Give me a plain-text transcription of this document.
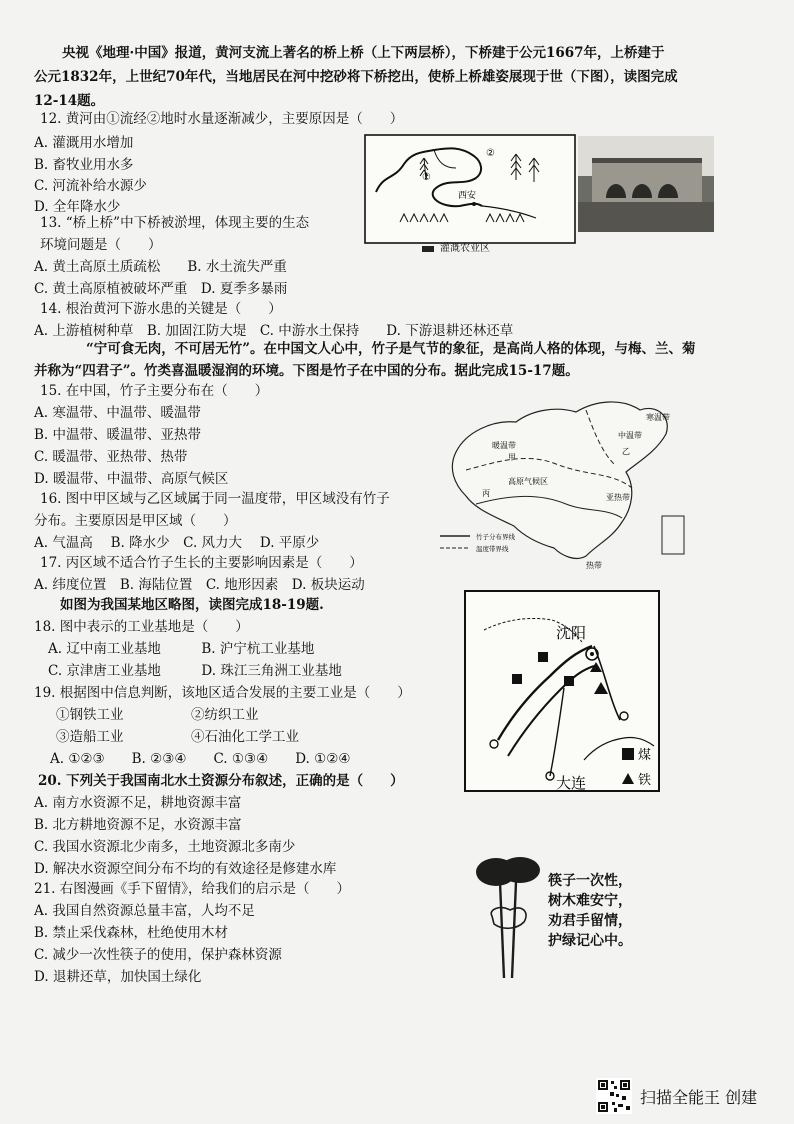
央视《地理·中国》报道，黄河支流上著名的桥上桥（上下两层桥），下桥建于公元1667年，上桥建于
公元1832年，上世纪70年代，当地居民在河中挖砂将下桥挖出，使桥上桥雄姿展现于世（下图），读图完成
12-14题。
12. 黄河由①流经②地时水量逐渐减少，主要原因是（　　）
A. 灌溉用水增加
B. 畜牧业用水多
C. 河流补给水源少
D. 全年降水少
13. “桥上桥”中下桥被淤埋，体现主要的生态
环境问题是（　　）
A. 黄土高原土质疏松　　B. 水土流失严重
C. 黄土高原植被破坏严重　D. 夏季多暴雨
14. 根治黄河下游水患的关键是（　　）
A. 上游植树种草　B. 加固江防大堤　C. 中游水土保持　　D. 下游退耕还林还草
“宁可食无肉，不可居无竹”。在中国文人心中，竹子是气节的象征，是高尚人格的体现，与梅、兰、菊
并称为“四君子”。竹类喜温暖湿润的环境。下图是竹子在中国的分布。据此完成15-17题。
15. 在中国，竹子主要分布在（　　）
A. 寒温带、中温带、暖温带
B. 中温带、暖温带、亚热带
C. 暖温带、亚热带、热带
D. 暖温带、中温带、高原气候区
16. 图中甲区域与乙区域属于同一温度带，甲区域没有竹子
分布。主要原因是甲区域（　　）
A. 气温高　 B. 降水少　C. 风力大　 D. 平原少
17. 丙区域不适合竹子生长的主要影响因素是（　　）
A. 纬度位置　B. 海陆位置　C. 地形因素　D. 板块运动
如图为我国某地区略图，读图完成18-19题.
18. 图中表示的工业基地是（　　）
A. 辽中南工业基地　　　B. 沪宁杭工业基地
C. 京津唐工业基地　　　D. 珠江三角洲工业基地
19. 根据图中信息判断，该地区适合发展的主要工业是（　　）
①钢铁工业　　　　　②纺织工业
③造船工业　　　　　④石油化工学工业
A. ①②③　　B. ②③④　　C. ①③④　　D. ①②④
20. 下列关于我国南北水土资源分布叙述，正确的是（　　）
A. 南方水资源不足，耕地资源丰富
B. 北方耕地资源不足，水资源丰富
C. 我国水资源北少南多，土地资源北多南少
D. 解决水资源空间分布不均的有效途径是修建水库
21. 右图漫画《手下留情》，给我们的启示是（　　）
A. 我国自然资源总量丰富，人均不足
B. 禁止采伐森林，杜绝使用木材
C. 减少一次性筷子的使用，保护森林资源
D. 退耕还草，加快国土绿化
西安
①
②
灌溉农业区
寒温带
中温带
暖温带
甲
乙
高原气候区
丙	亚热带
热带
竹子分布界线
温度带界线
沈阳
大连
煤
铁
筷子一次性，
树木难安宁，
劝君手留情，
护绿记心中。
扫描全能王 创建
